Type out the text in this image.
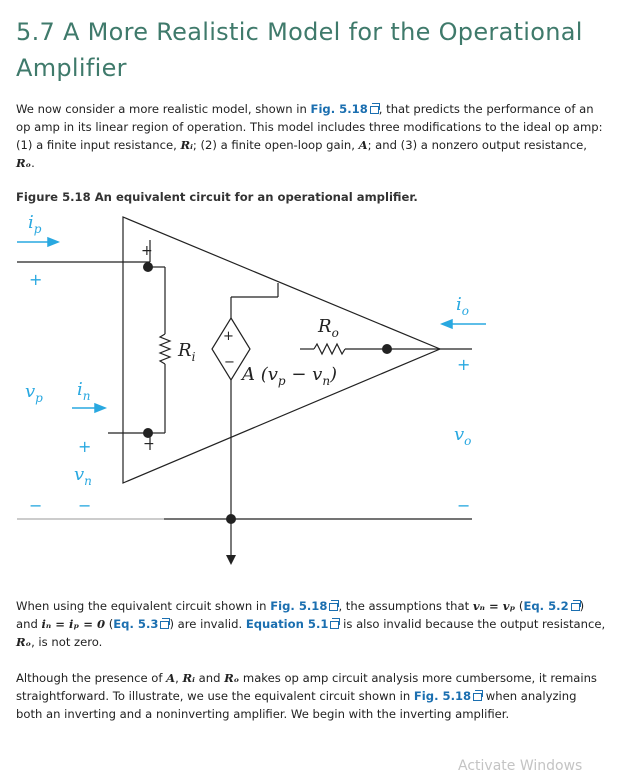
5.7 A More Realistic Model for the Operational Amplifier

We now consider a more realistic model, shown in Fig. 5.18 , that predicts the performance of an op amp in its linear region of operation. This model includes three modifications to the ideal op amp: (1) a finite input resistance, Rᵢ; (2) a finite open-loop gain, A; and (3) a nonzero output resistance, Rₒ.

Figure 5.18 An equivalent circuit for an operational amplifier.

+
−
+
−
$R_i$
$R_o$
A $(v_p - v_n)$
$i_p$
$i_n$
$i_o$
$v_p$
$v_n$
$v_o$
+
−
+
−
+
−

When using the equivalent circuit shown in Fig. 5.18 , the assumptions that vₙ = vₚ (Eq. 5.2 ) and iₙ = iₚ = 0 (Eq. 5.3 ) are invalid. Equation 5.1 is also invalid because the output resistance, Rₒ, is not zero.

Although the presence of A, Rᵢ and Rₒ makes op amp circuit analysis more cumbersome, it remains straightforward. To illustrate, we use the equivalent circuit shown in Fig. 5.18 when analyzing both an inverting and a noninverting amplifier. We begin with the inverting amplifier.

Activate Windows
